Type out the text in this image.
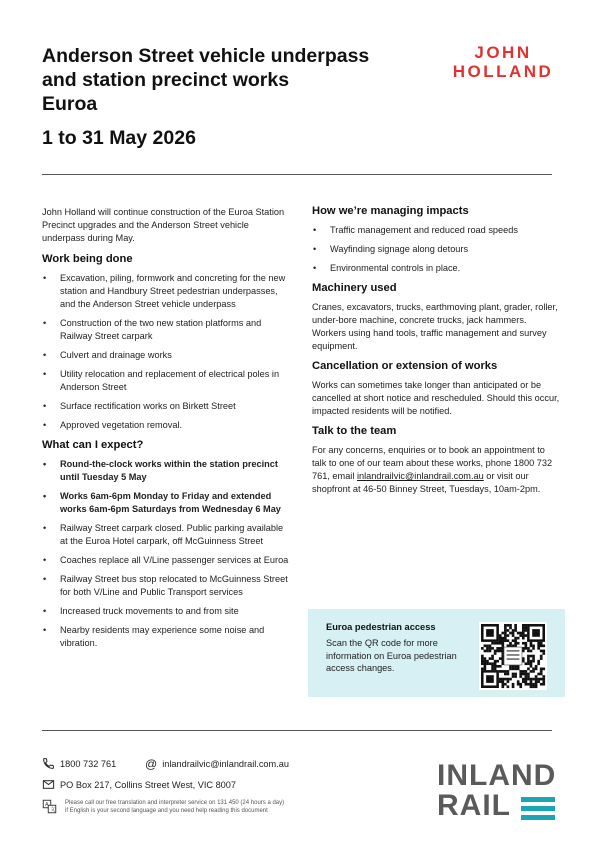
Anderson Street vehicle underpass
and station precinct works
Euroa
1 to 31 May 2026
JOHN
HOLLAND

John Holland will continue construction of the Euroa Station Precinct upgrades and the Anderson Street vehicle underpass during May.

Work being done
• Excavation, piling, formwork and concreting for the new station and Handbury Street pedestrian underpasses, and the Anderson Street vehicle underpass
• Construction of the two new station platforms and Railway Street carpark
• Culvert and drainage works
• Utility relocation and replacement of electrical poles in Anderson Street
• Surface rectification works on Birkett Street
• Approved vegetation removal.
What can I expect?
• Round-the-clock works within the station precinct until Tuesday 5 May
• Works 6am-6pm Monday to Friday and extended works 6am-6pm Saturdays from Wednesday 6 May
• Railway Street carpark closed. Public parking available at the Euroa Hotel carpark, off McGuinness Street
• Coaches replace all V/Line passenger services at Euroa
• Railway Street bus stop relocated to McGuinness Street for both V/Line and Public Transport services
• Increased truck movements to and from site
• Nearby residents may experience some noise and vibration.
How we’re managing impacts
• Traffic management and reduced road speeds
• Wayfinding signage along detours
• Environmental controls in place.
Machinery used

Cranes, excavators, trucks, earthmoving plant, grader, roller, under-bore machine, concrete trucks, jack hammers. Workers using hand tools, traffic management and survey equipment.

Cancellation or extension of works

Works can sometimes take longer than anticipated or be cancelled at short notice and rescheduled. Should this occur, impacted residents will be notified.

Talk to the team

For any concerns, enquiries or to book an appointment to talk to one of our team about these works, phone 1800 732 761, email inlandrailvic@inlandrail.com.au or visit our shopfront at 46-50 Binney Street, Tuesdays, 10am-2pm.

Euroa pedestrian access
Scan the QR code for more information on Euroa pedestrian access changes.
1800 732 761 @ inlandrailvic@inlandrail.com.au
PO Box 217, Collins Street West, VIC 8007
A
文
Please call our free translation and interpreter service on 131 450 (24 hours a day)
if English is your second language and you need help reading this document
INLAND
RAIL
